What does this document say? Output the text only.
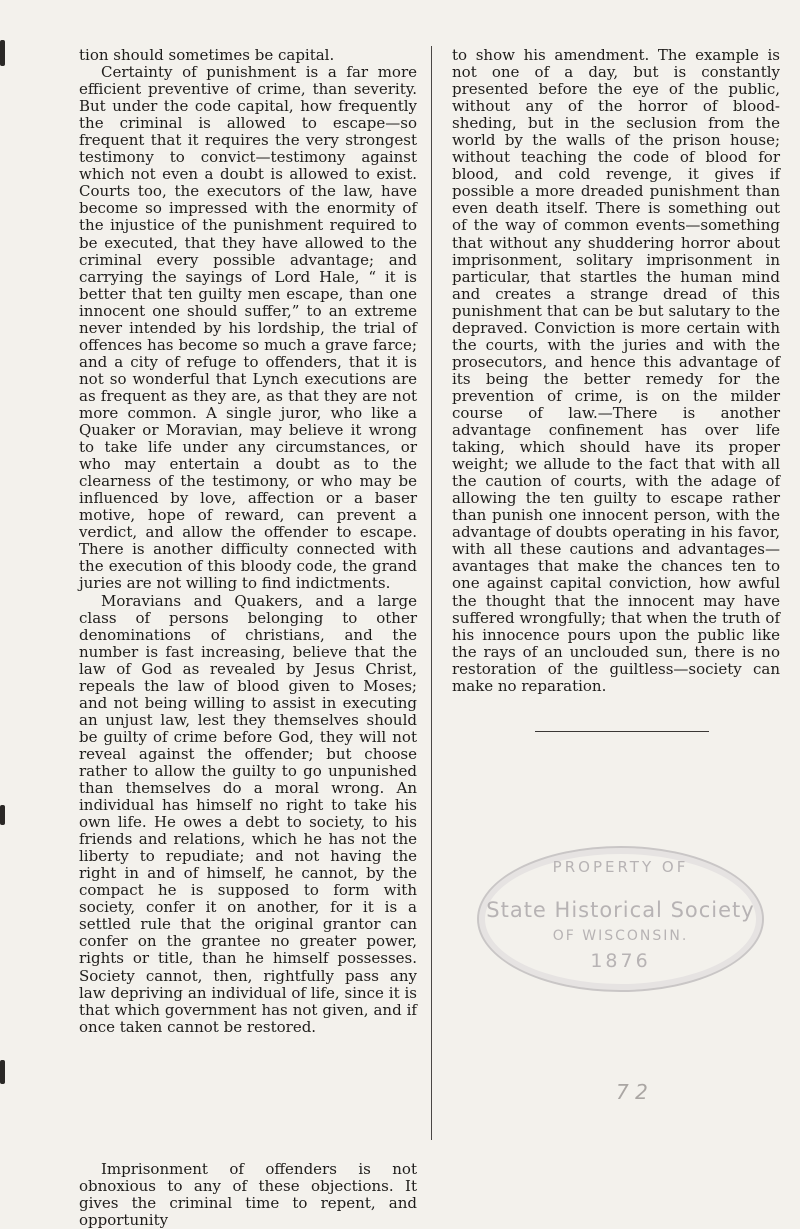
tion should sometimes be capital.

Certainty of punishment is a far more efficient preventive of crime, than severity. But under the code capital, how frequently the criminal is allowed to escape—so frequent that it requires the very strongest testimony to convict—testimony against which not even a doubt is allowed to exist. Courts too, the executors of the law, have become so impressed with the enormity of the injustice of the punishment required to be executed, that they have allowed to the criminal every possible advantage; and carrying the sayings of Lord Hale, “ it is better that ten guilty men escape, than one innocent one should suffer,” to an extreme never intended by his lordship, the trial of offences has become so much a grave farce; and a city of refuge to offenders, that it is not so wonderful that Lynch executions are as frequent as they are, as that they are not more common. A single juror, who like a Quaker or Moravian, may believe it wrong to take life under any circumstances, or who may entertain a doubt as to the clearness of the testimony, or who may be influenced by love, affection or a baser motive, hope of reward, can prevent a verdict, and allow the offender to escape. There is another difficulty connected with the execution of this bloody code, the grand juries are not willing to find indictments.

Moravians and Quakers, and a large class of persons belonging to other denominations of christians, and the number is fast increasing, believe that the law of God as revealed by Jesus Christ, repeals the law of blood given to Moses; and not being willing to assist in executing an unjust law, lest they themselves should be guilty of crime before God, they will not reveal against the offender; but choose rather to allow the guilty to go unpunished than themselves do a moral wrong. An individual has himself no right to take his own life. He owes a debt to society, to his friends and relations, which he has not the liberty to repudiate; and not having the right in and of himself, he cannot, by the compact he is supposed to form with society, confer it on another, for it is a settled rule that the original grantor can confer on the grantee no greater power, rights or title, than he himself possesses. Society cannot, then, rightfully pass any law depriving an individual of life, since it is that which government has not given, and if once taken cannot be restored.

Imprisonment of offenders is not obnoxious to any of these objections. It gives the criminal time to repent, and opportunity

to show his amendment. The example is not one of a day, but is constantly presented before the eye of the public, without any of the horror of blood-sheding, but in the seclusion from the world by the walls of the prison house; without teaching the code of blood for blood, and cold revenge, it gives if possible a more dreaded punishment than even death itself. There is something out of the way of common events—something that without any shuddering horror about imprisonment, solitary imprisonment in particular, that startles the human mind and creates a strange dread of this punishment that can be but salutary to the depraved. Conviction is more certain with the courts, with the juries and with the prosecutors, and hence this advantage of its being the better remedy for the prevention of crime, is on the milder course of law.—There is another advantage confinement has over life taking, which should have its proper weight; we allude to the fact that with all the caution of courts, with the adage of allowing the ten guilty to escape rather than punish one innocent person, with the advantage of doubts operating in his favor, with all these cautions and advantages—avantages that make the chances ten to one against capital conviction, how awful the thought that the innocent may have suffered wrongfully; that when the truth of his innocence pours upon the public like the rays of an unclouded sun, there is no restoration of the guiltless—society can make no reparation.

PROPERTY OF
State Historical Society
OF WISCONSIN.
1876
7 2
